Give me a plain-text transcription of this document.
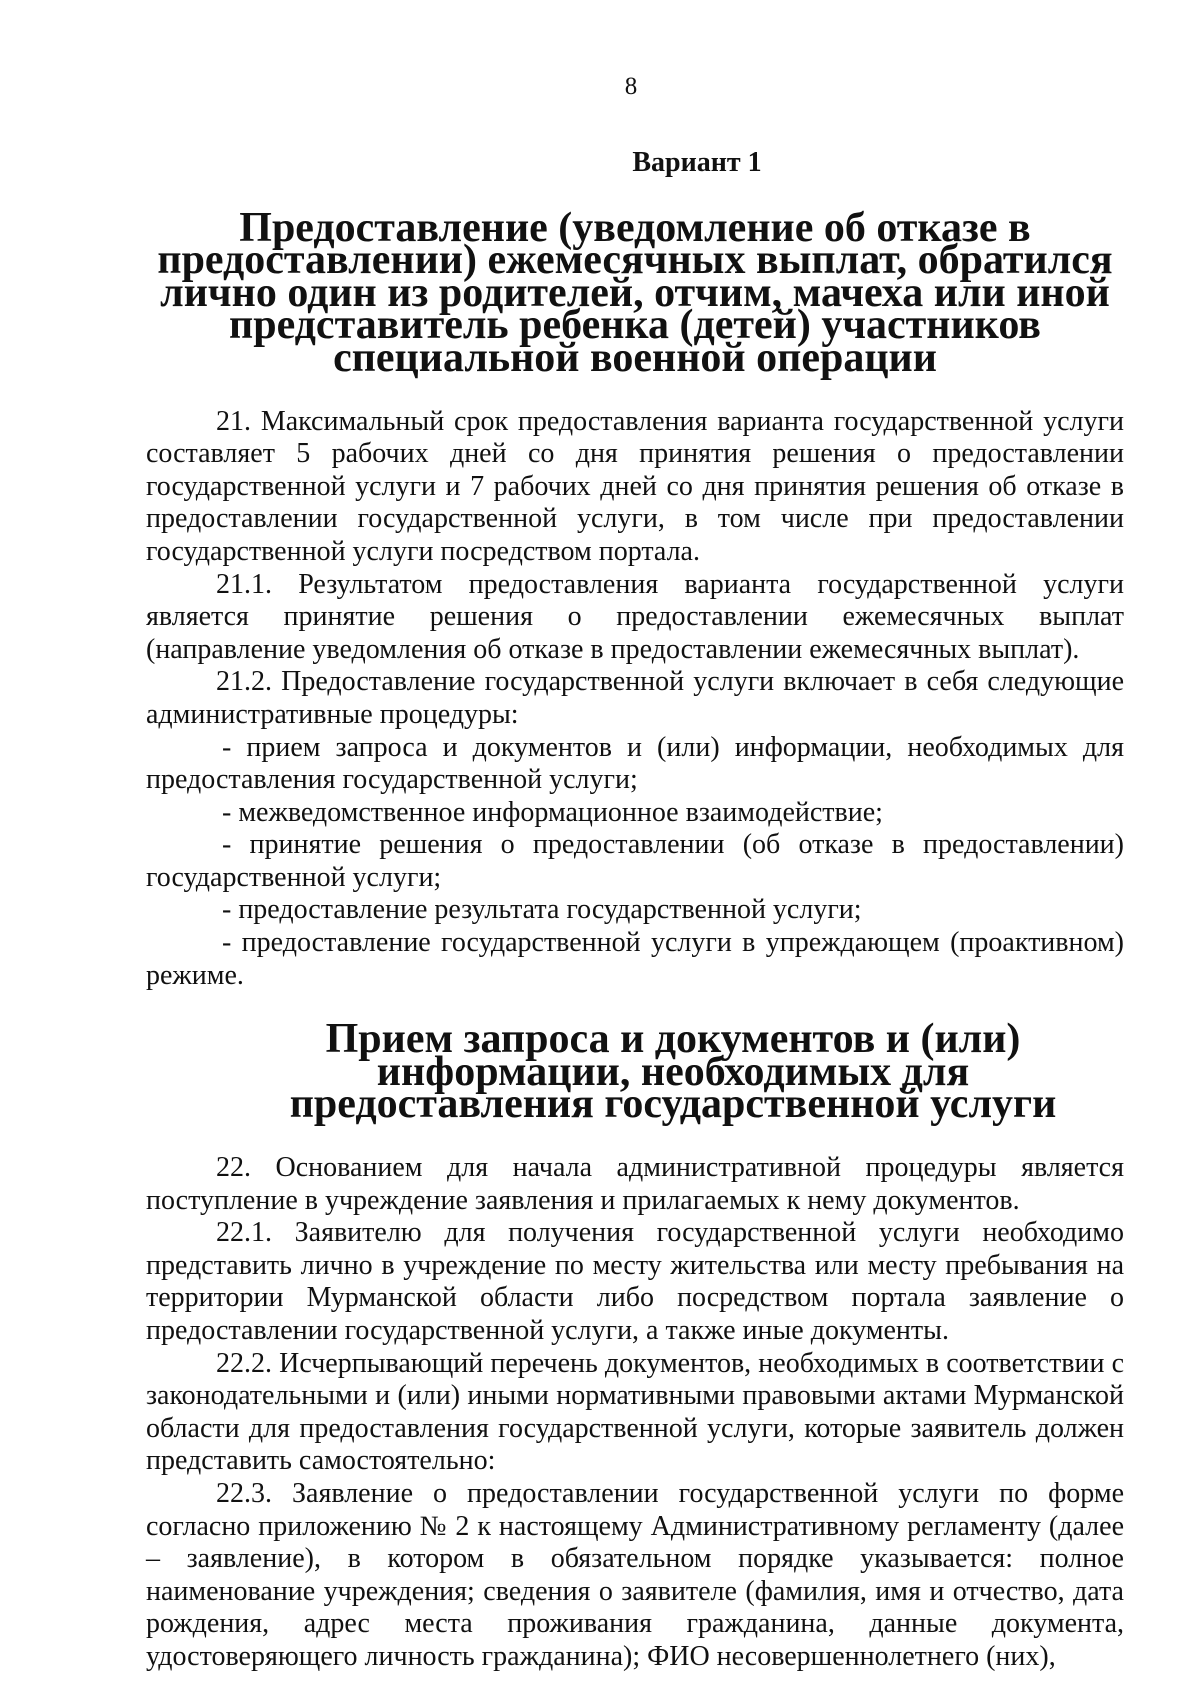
8
Вариант 1
Предоставление (уведомление об отказе в предоставлении) ежемесячных выплат, обратился лично один из родителей, отчим, мачеха или иной представитель ребенка (детей) участников специальной военной операции

21. Максимальный срок предоставления варианта государственной услуги составляет 5 рабочих дней со дня принятия решения о предоставлении государственной услуги и 7 рабочих дней со дня принятия решения об отказе в предоставлении государственной услуги, в том числе при предоставлении государственной услуги посредством портала.

21.1. Результатом предоставления варианта государственной услуги является принятие решения о предоставлении ежемесячных выплат (направление уведомления об отказе в предоставлении ежемесячных выплат).

21.2. Предоставление государственной услуги включает в себя следующие административные процедуры:

- прием запроса и документов и (или) информации, необходимых для предоставления государственной услуги;

- межведомственное информационное взаимодействие;

- принятие решения о предоставлении (об отказе в предоставлении) государственной услуги;

- предоставление результата государственной услуги;

- предоставление государственной услуги в упреждающем (проактивном) режиме.

Прием запроса и документов и (или) информации, необходимых для предоставления государственной услуги

22. Основанием для начала административной процедуры является поступление в учреждение заявления и прилагаемых к нему документов.

22.1. Заявителю для получения государственной услуги необходимо представить лично в учреждение по месту жительства или месту пребывания на территории Мурманской области либо посредством портала заявление о предоставлении государственной услуги, а также иные документы.

22.2. Исчерпывающий перечень документов, необходимых в соответствии с законодательными и (или) иными нормативными правовыми актами Мурманской области для предоставления государственной услуги, которые заявитель должен представить самостоятельно:

22.3. Заявление о предоставлении государственной услуги по форме согласно приложению № 2 к настоящему Административному регламенту (далее – заявление), в котором в обязательном порядке указывается: полное наименование учреждения; сведения о заявителе (фамилия, имя и отчество, дата рождения, адрес места проживания гражданина, данные документа, удостоверяющего личность гражданина); ФИО несовершеннолетнего (них),
